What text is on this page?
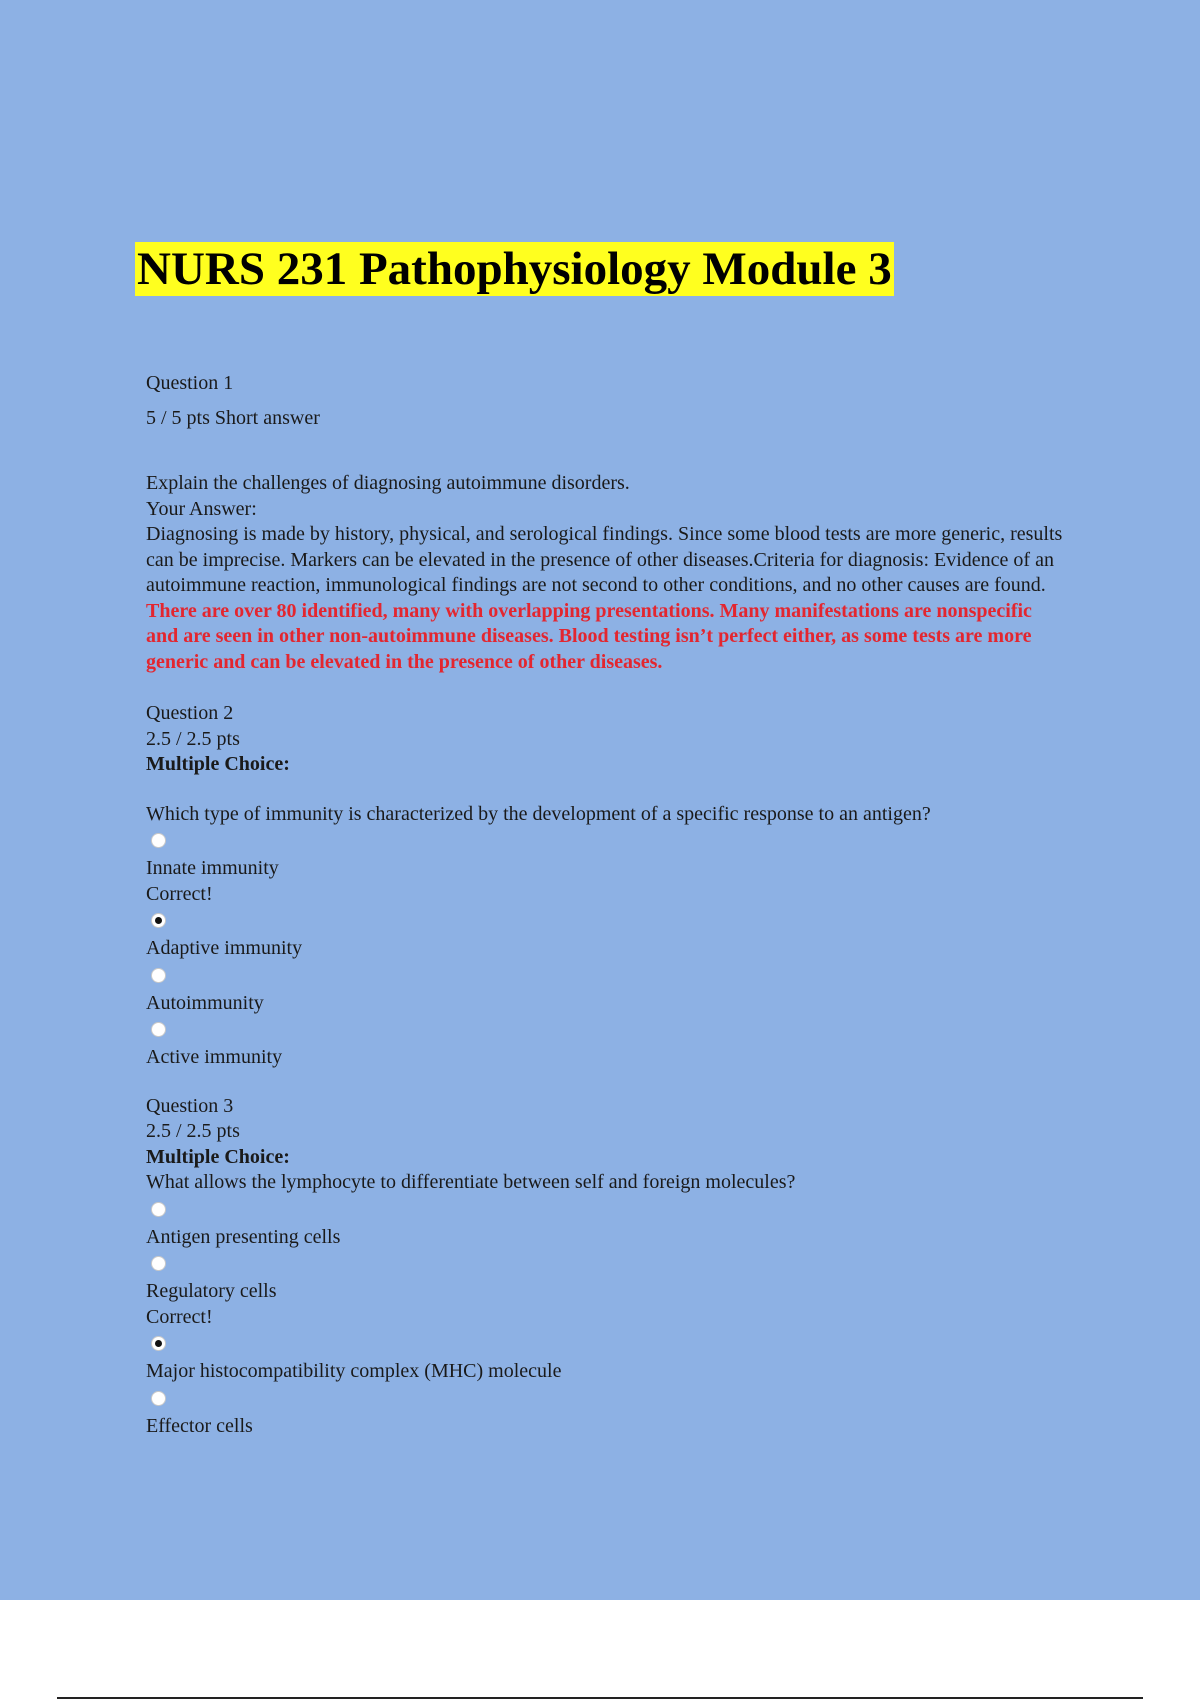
NURS 231 Pathophysiology Module 3
Question 1
5 / 5 pts Short answer
Explain the challenges of diagnosing autoimmune disorders.
Your Answer:
Diagnosing is made by history, physical, and serological findings. Since some blood tests are more generic, results can be imprecise. Markers can be elevated in the presence of other diseases.Criteria for diagnosis: Evidence of an autoimmune reaction, immunological findings are not second to other conditions, and no other causes are found.
There are over 80 identified, many with overlapping presentations. Many manifestations are nonspecific and are seen in other non-autoimmune diseases. Blood testing isn’t perfect either, as some tests are more generic and can be elevated in the presence of other diseases.
Question 2
2.5 / 2.5 pts
Multiple Choice:
Which type of immunity is characterized by the development of a specific response to an antigen?
Innate immunity
Correct!
Adaptive immunity
Autoimmunity
Active immunity
Question 3
2.5 / 2.5 pts
Multiple Choice:
What allows the lymphocyte to differentiate between self and foreign molecules?
Antigen presenting cells
Regulatory cells
Correct!
Major histocompatibility complex (MHC) molecule
Effector cells
